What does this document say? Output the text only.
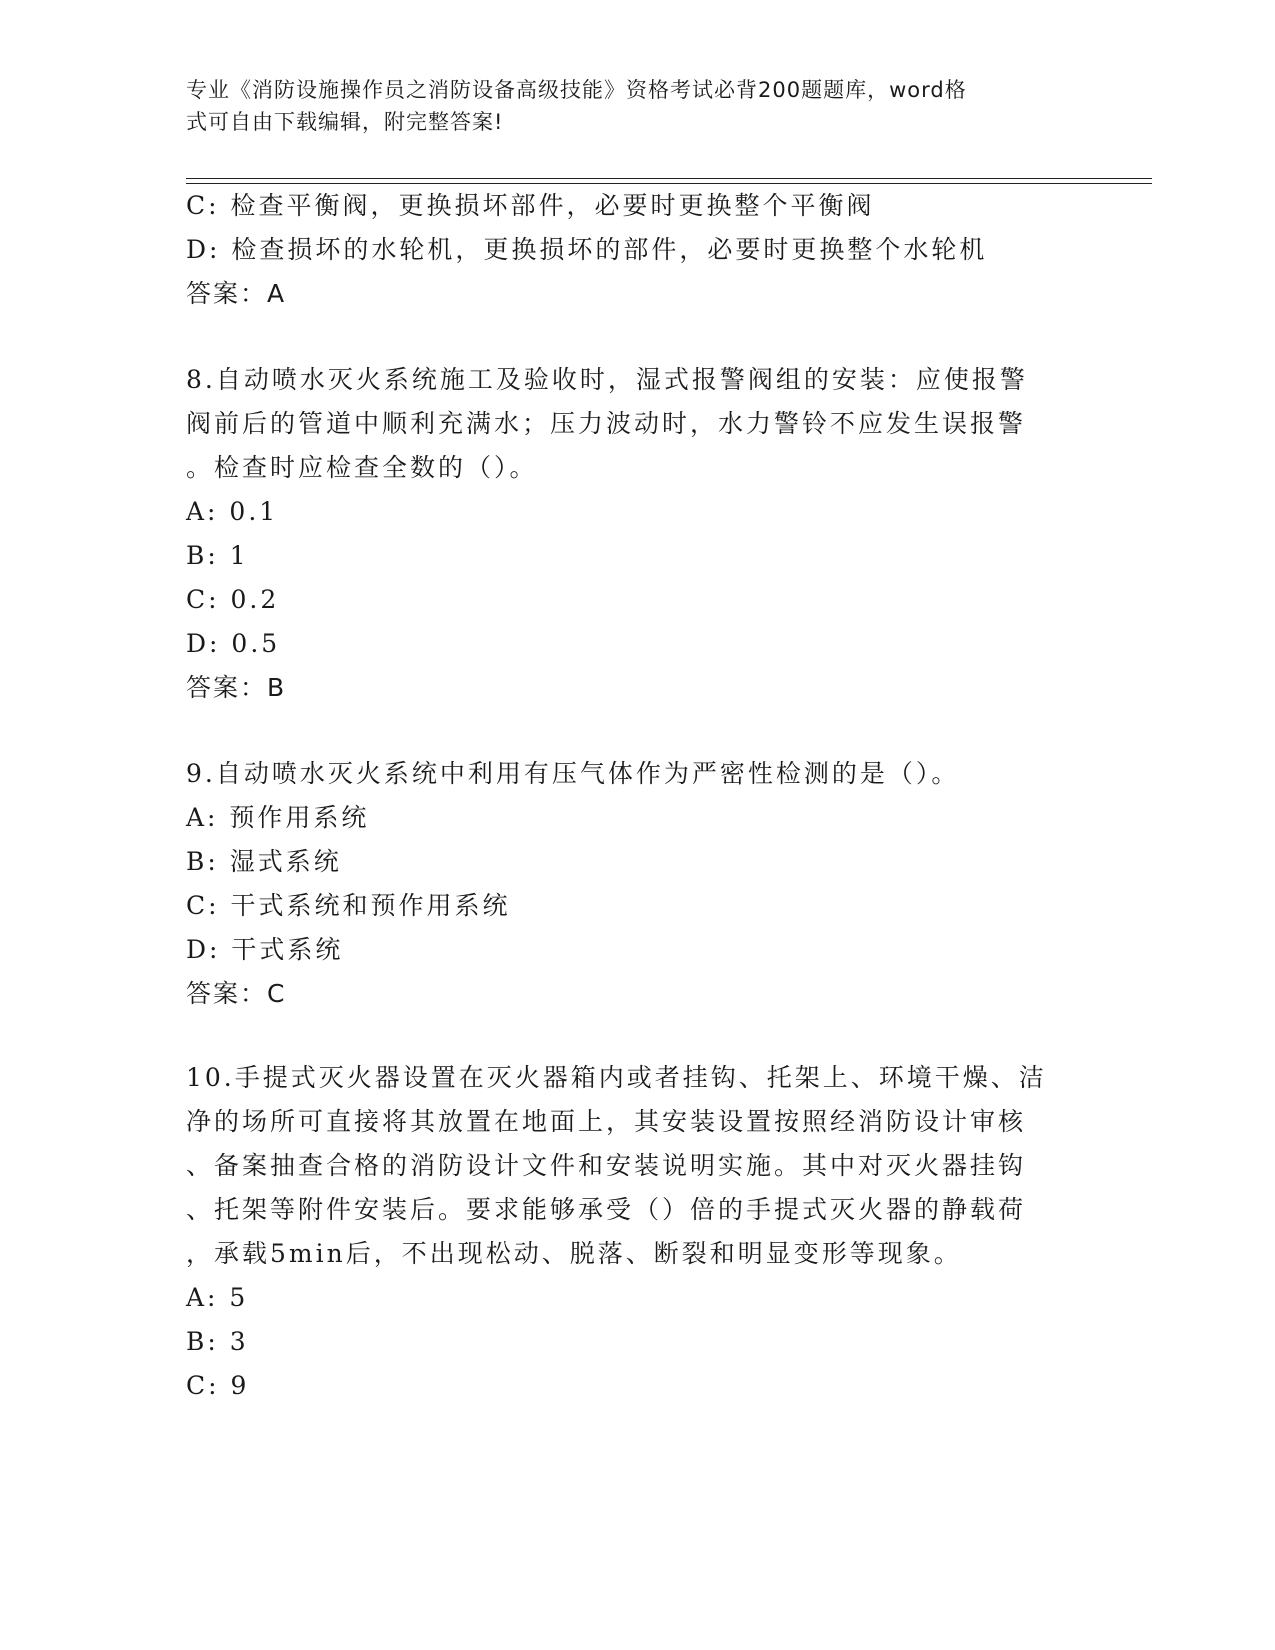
专业《消防设施操作员之消防设备高级技能》资格考试必背200题题库，word格
式可自由下载编辑，附完整答案!
C: 检查平衡阀，更换损坏部件，必要时更换整个平衡阀
D: 检查损坏的水轮机，更换损坏的部件，必要时更换整个水轮机
答案：A
8.自动喷水灭火系统施工及验收时，湿式报警阀组的安装：应使报警
阀前后的管道中顺利充满水；压力波动时，水力警铃不应发生误报警
。检查时应检查全数的（）。
A: 0.1
B: 1
C: 0.2
D: 0.5
答案：B
9.自动喷水灭火系统中利用有压气体作为严密性检测的是（）。
A: 预作用系统
B: 湿式系统
C: 干式系统和预作用系统
D: 干式系统
答案：C
10.手提式灭火器设置在灭火器箱内或者挂钩、托架上、环境干燥、洁
净的场所可直接将其放置在地面上，其安装设置按照经消防设计审核
、备案抽查合格的消防设计文件和安装说明实施。其中对灭火器挂钩
、托架等附件安装后。要求能够承受（）倍的手提式灭火器的静载荷
，承载5min后，不出现松动、脱落、断裂和明显变形等现象。
A: 5
B: 3
C: 9
